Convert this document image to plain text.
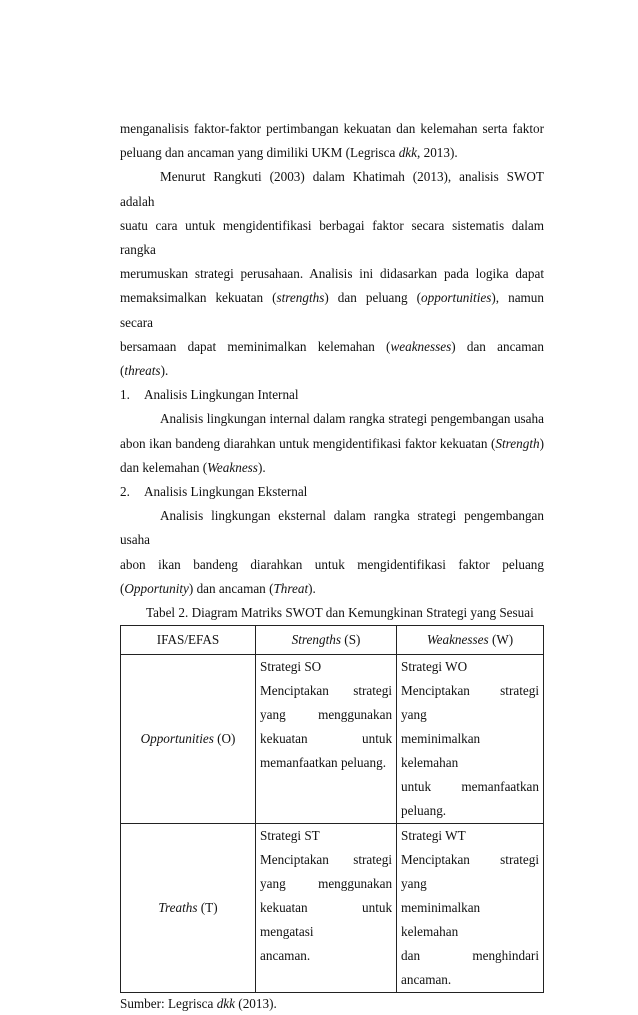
menganalisis faktor-faktor pertimbangan kekuatan dan kelemahan serta faktor

peluang dan ancaman yang dimiliki UKM (Legrisca dkk, 2013).

Menurut Rangkuti (2003) dalam Khatimah (2013), analisis SWOT adalah

suatu cara untuk mengidentifikasi berbagai faktor secara sistematis dalam rangka

merumuskan strategi perusahaan. Analisis ini didasarkan pada logika dapat

memaksimalkan kekuatan (strengths) dan peluang (opportunities), namun secara

bersamaan dapat meminimalkan kelemahan (weaknesses) dan ancaman (threats).

1. Analisis Lingkungan Internal

Analisis lingkungan internal dalam rangka strategi pengembangan usaha

abon ikan bandeng diarahkan untuk mengidentifikasi faktor kekuatan (Strength)

dan kelemahan (Weakness).

2. Analisis Lingkungan Eksternal

Analisis lingkungan eksternal dalam rangka strategi pengembangan usaha

abon ikan bandeng diarahkan untuk mengidentifikasi faktor peluang

(Opportunity) dan ancaman (Threat).

Tabel 2. Diagram Matriks SWOT dan Kemungkinan Strategi yang Sesuai

IFAS/EFAS	Strengths (S)	Weaknesses (W)
Opportunities (O)	Strategi SO
Menciptakan strategi
yang menggunakan
kekuatan untuk
memanfaatkan peluang.	Strategi WO
Menciptakan strategi yang
meminimalkan kelemahan
untuk memanfaatkan
peluang.

Treaths (T)	Strategi ST
Menciptakan strategi
yang menggunakan
kekuatan untuk mengatasi
ancaman.	Strategi WT
Menciptakan strategi yang
meminimalkan kelemahan
dan menghindari
ancaman.

Sumber: Legrisca dkk (2013).
